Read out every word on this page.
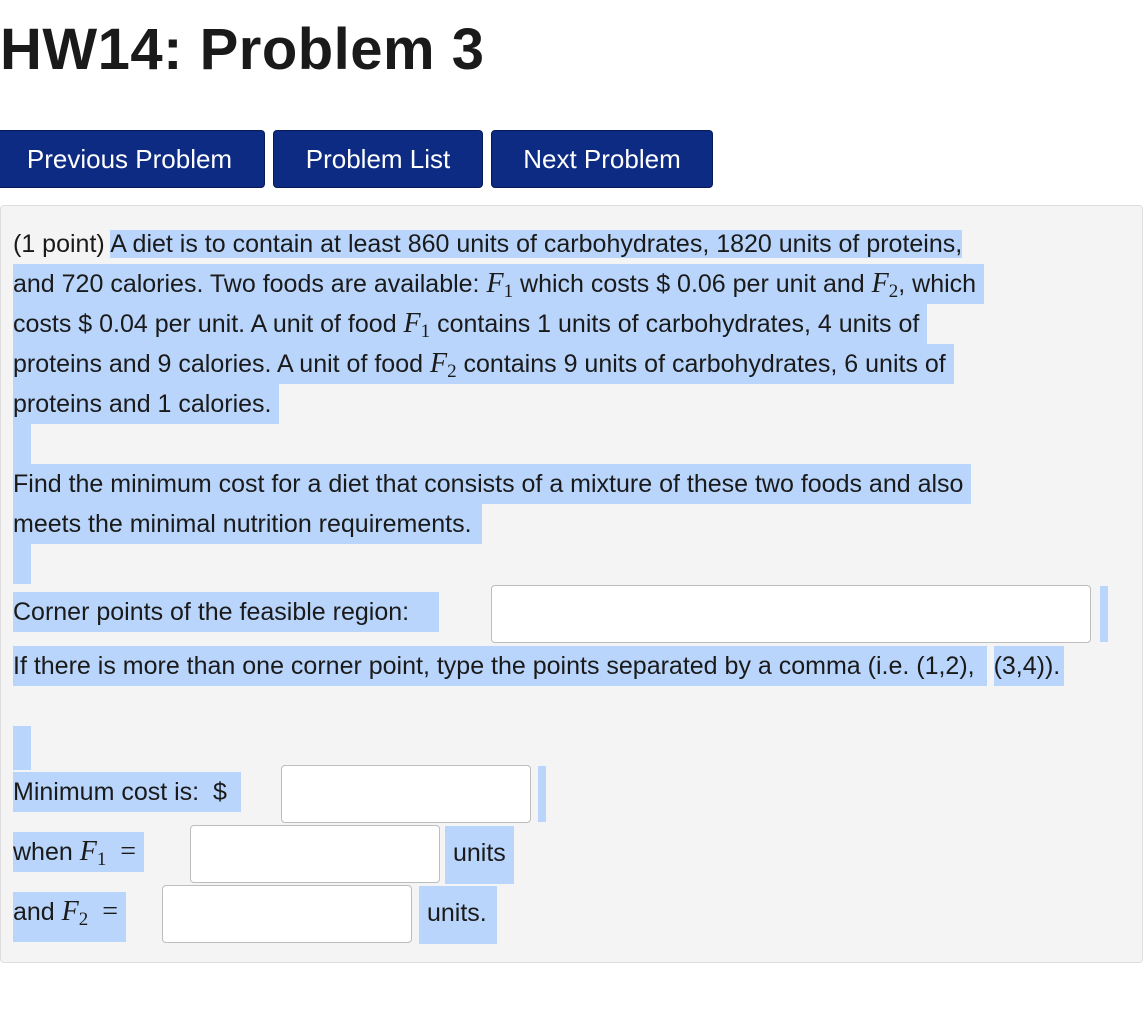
HW14: Problem 3
Previous Problem	Problem List	Next Problem
(1 point) A diet is to contain at least 860 units of carbohydrates, 1820 units of proteins,
and 720 calories. Two foods are available: $F_1$ which costs $ 0.06 per unit and $F_2$, which costs $ 0.04 per unit. A unit of food $F_1$ contains 1 units of carbohydrates, 4 units of proteins and 9 calories. A unit of food $F_2$ contains 9 units of carbohydrates, 6 units of proteins and 1 calories.
Find the minimum cost for a diet that consists of a mixture of these two foods and also meets the minimal nutrition requirements.
Corner points of the feasible region:
If there is more than one corner point, type the points separated by a comma (i.e. (1,2), (3,4)).
Minimum cost is: $
when $F_1$ =	units
and $F_2$ =	units.
